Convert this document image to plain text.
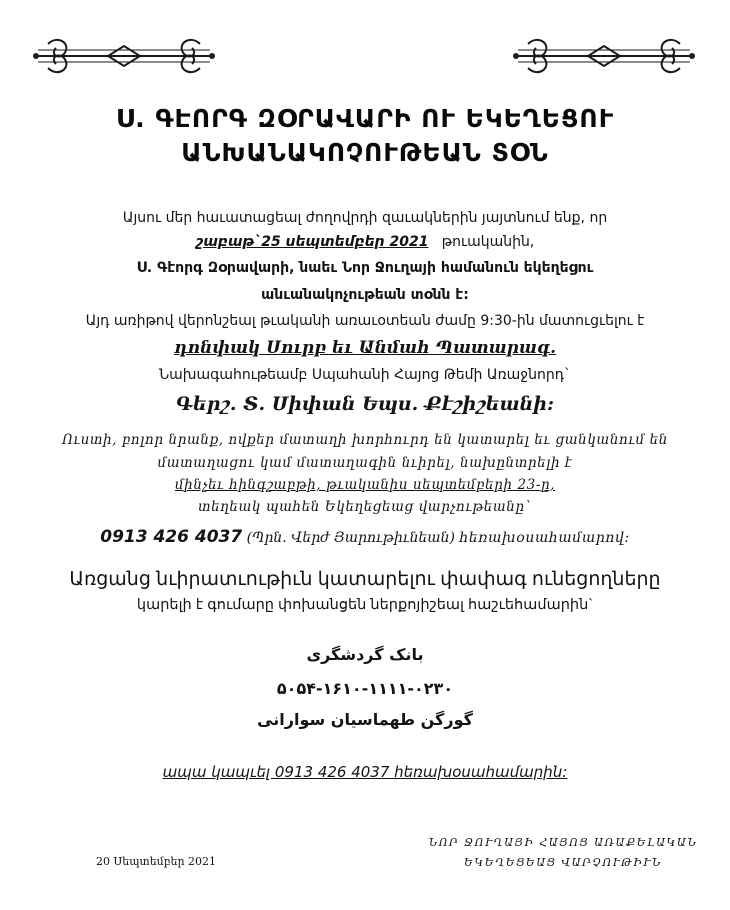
Ս. ԳԷՈՐԳ ԶՕՐԱՎԱՐԻ ՈՒ ԵԿԵՂԵՑՈՒ
ԱՆԽԱՆԱԿՈՉՈՒԹԵԱՆ ՏՕՆ
Այսու մեր հաւատացեալ ժողովրդի զաւակներին յայտնում ենք, որ
շաբաթ`25 սեպտեմբեր 2021 թուականին,
Ս. Գէորգ Զօրավարի, նաեւ Նոր Ջուղայի համանուն եկեղեցու
անւանակոչութեան տօնն է:
Այդ առիթով վերոնշեալ թւականի առաւօտեան ժամը 9:30-ին մատուցւելու է
դոնփակ Սուրբ եւ Անմահ Պատարագ.
Նախագահութեամբ Սպահանի Հայոց Թեմի Առաջնորդ`
Գերշ. Տ. Սիփան Եպս. Քէշիշեանի:
Ուստի, բոլոր նրանք, ովքեր մատաղի խորհուրդ են կատարել եւ ցանկանում են
մատաղացու կամ մատաղագին նւիրել, նախընտրելի է
մինչեւ հինգշաբթի, թւականիս սեպտեմբերի 23-ը,
տեղեակ պահեն Եկեղեցեաց վարչութեանը`
0913 426 4037 (Պրն. Վերժ Յարութիւնեան) հեռախօսահամարով:
Առցանց նւիրատւութիւն կատարելու փափագ ունեցողները
կարելի է գումարը փոխանցեն ներքոյիշեալ հաշւեհամարին`
بانک گردشگری
۵۰۵۴-۱۶۱۰-۱۱۱۱-۰۲۳۰
گورگن طهماسیان سوارانی
ապա կապւել 0913 426 4037 հեռախօսահամարին:
20 Սեպտեմբեր 2021
ՆՈՐ ՋՈՒՂԱՅԻ ՀԱՅՈՑ ԱՌԱՔԵԼԱԿԱՆ
ԵԿԵՂԵՑԵԱՑ ՎԱՐՉՈՒԹԻՒՆ
